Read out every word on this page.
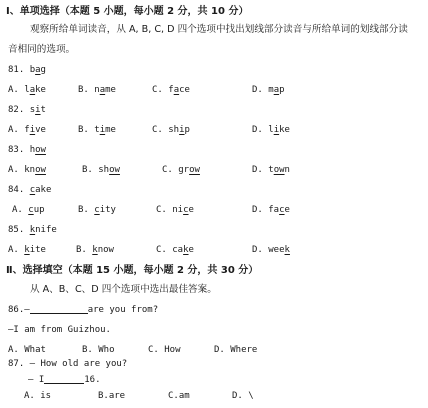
Ⅰ、单项选择（本题 5 小题，每小题 2 分，共 10 分）
观察所给单词读音，从 A, B, C, D 四个选项中找出划线部分读音与所给单词的划线部分读
音相同的选项。
81. bag
A. lake	B. name	C. face	D. map
82. sit
A. five	B. time	C. ship	D. like
83. how
A. know	B. show	C. grow	D. town
84. cake
A. cup	B. city	C. nice	D. face
85. knife
A. kite	B. know	C. cake	D. week
Ⅱ、选择填空（本题 15 小题，每小题 2 分，共 30 分）
从 A、B、C、D 四个选项中选出最佳答案。
86.—	are you from?
—I am from Guizhou.
A. What	B. Who	C. How	D. Where
87. — How old are you?
— I	16.
A. is	B.are	C.am	D. \
